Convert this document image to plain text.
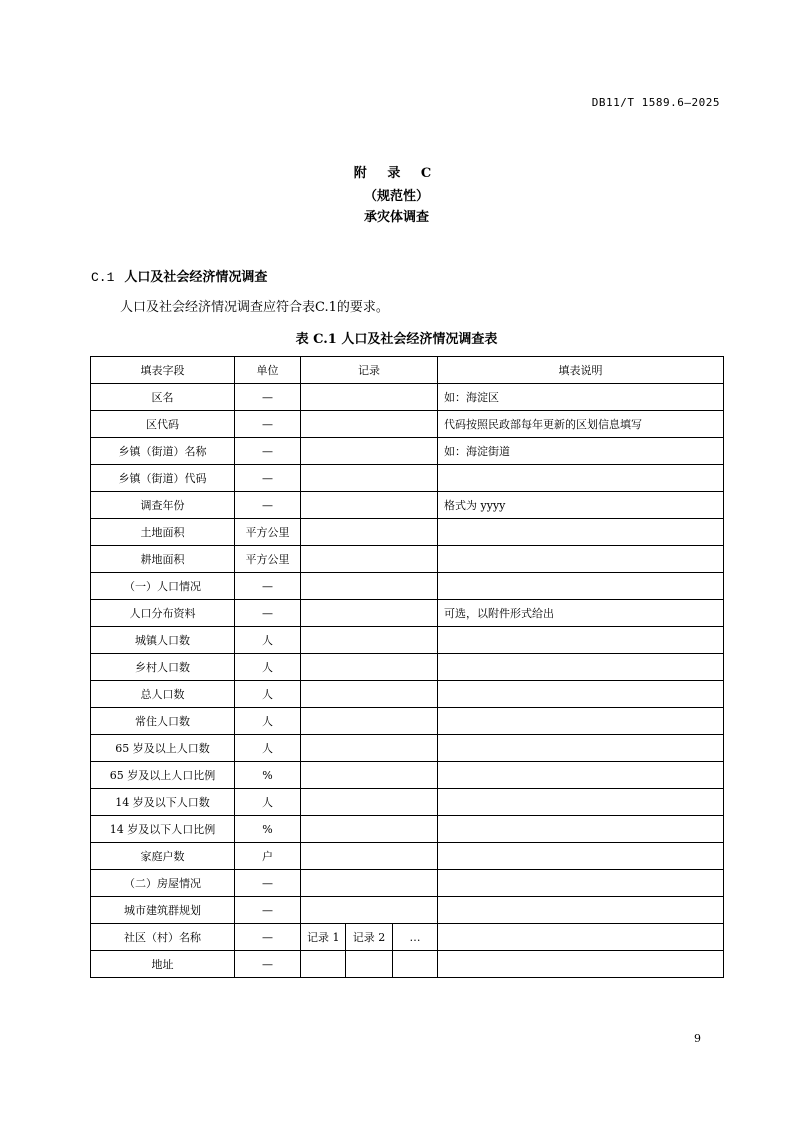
DB11/T 1589.6—2025
附 录 C
（规范性）
承灾体调查
C.1 人口及社会经济情况调查
人口及社会经济情况调查应符合表C.1的要求。
表 C.1 人口及社会经济情况调查表
填表字段	单位	记录			填表说明
区名	—				如：海淀区
区代码	—				代码按照民政部每年更新的区划信息填写
乡镇（街道）名称	—				如：海淀街道
乡镇（街道）代码	—				
调查年份	—				格式为 yyyy
土地面积	平方公里				
耕地面积	平方公里				
（一）人口情况	—				
人口分布资料	—				可选，以附件形式给出
城镇人口数	人				
乡村人口数	人				
总人口数	人				
常住人口数	人				
65 岁及以上人口数	人				
65 岁及以上人口比例	%				
14 岁及以下人口数	人				
14 岁及以下人口比例	%				
家庭户数	户				
（二）房屋情况	—				
城市建筑群规划	—				
社区（村）名称	—	记录 1	记录 2	…	
地址	—				
9
